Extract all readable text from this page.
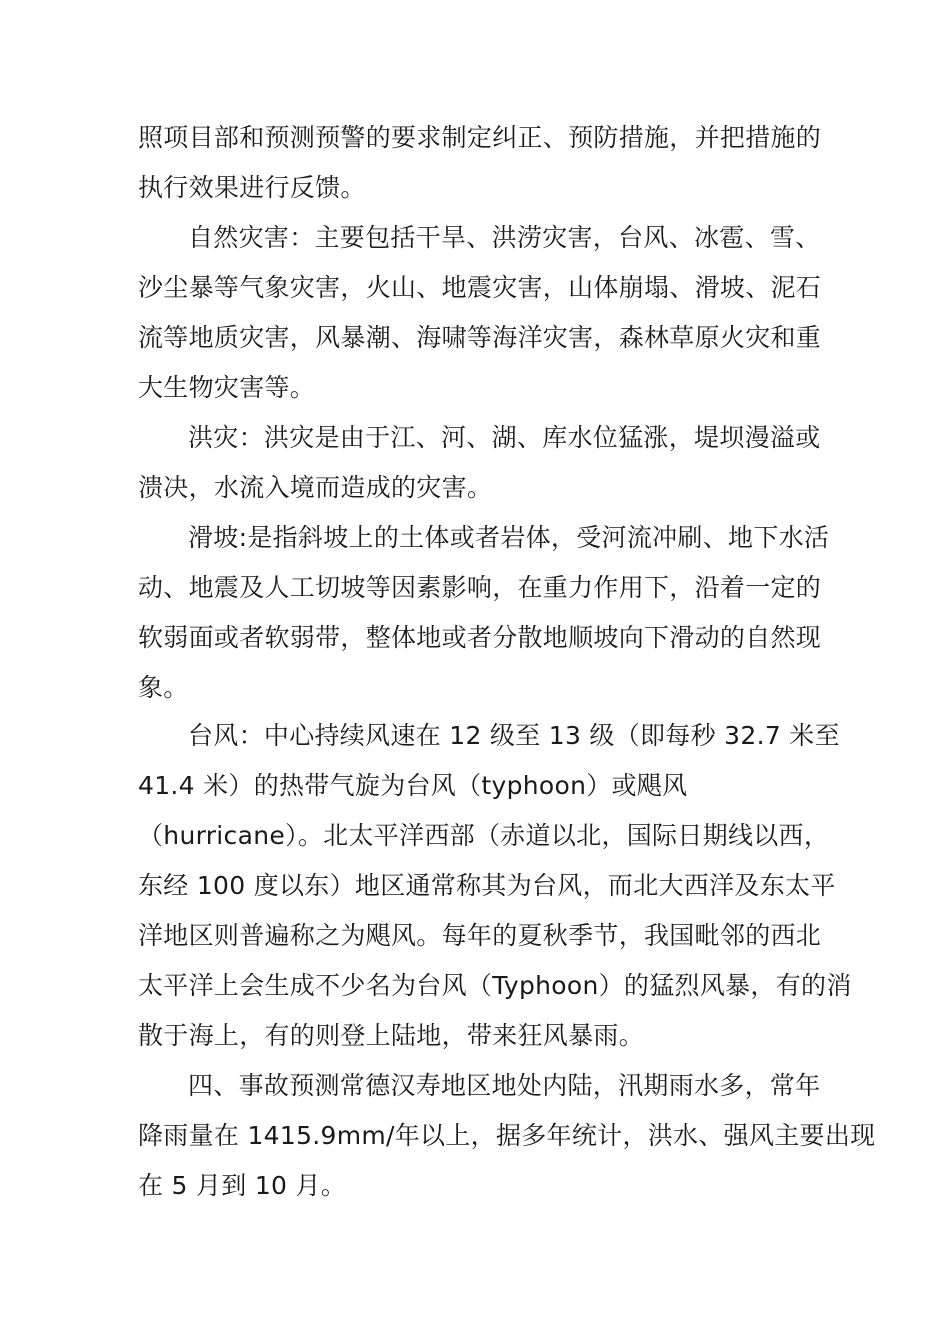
照项目部和预测预警的要求制定纠正、预防措施，并把措施的
执行效果进行反馈。
自然灾害：主要包括干旱、洪涝灾害，台风、冰雹、雪、
沙尘暴等气象灾害，火山、地震灾害，山体崩塌、滑坡、泥石
流等地质灾害，风暴潮、海啸等海洋灾害，森林草原火灾和重
大生物灾害等。
洪灾：洪灾是由于江、河、湖、库水位猛涨，堤坝漫溢或
溃决，水流入境而造成的灾害。
滑坡:是指斜坡上的土体或者岩体，受河流冲刷、地下水活
动、地震及人工切坡等因素影响，在重力作用下，沿着一定的
软弱面或者软弱带，整体地或者分散地顺坡向下滑动的自然现
象。
台风：中心持续风速在 12 级至 13 级（即每秒 32.7 米至
41.4 米）的热带气旋为台风（typhoon）或飓风
（hurricane）。北太平洋西部（赤道以北，国际日期线以西，
东经 100 度以东）地区通常称其为台风，而北大西洋及东太平
洋地区则普遍称之为飓风。每年的夏秋季节，我国毗邻的西北
太平洋上会生成不少名为台风（Typhoon）的猛烈风暴，有的消
散于海上，有的则登上陆地，带来狂风暴雨。
四、事故预测常德汉寿地区地处内陆，汛期雨水多，常年
降雨量在 1415.9mm/年以上，据多年统计，洪水、强风主要出现
在 5 月到 10 月。
